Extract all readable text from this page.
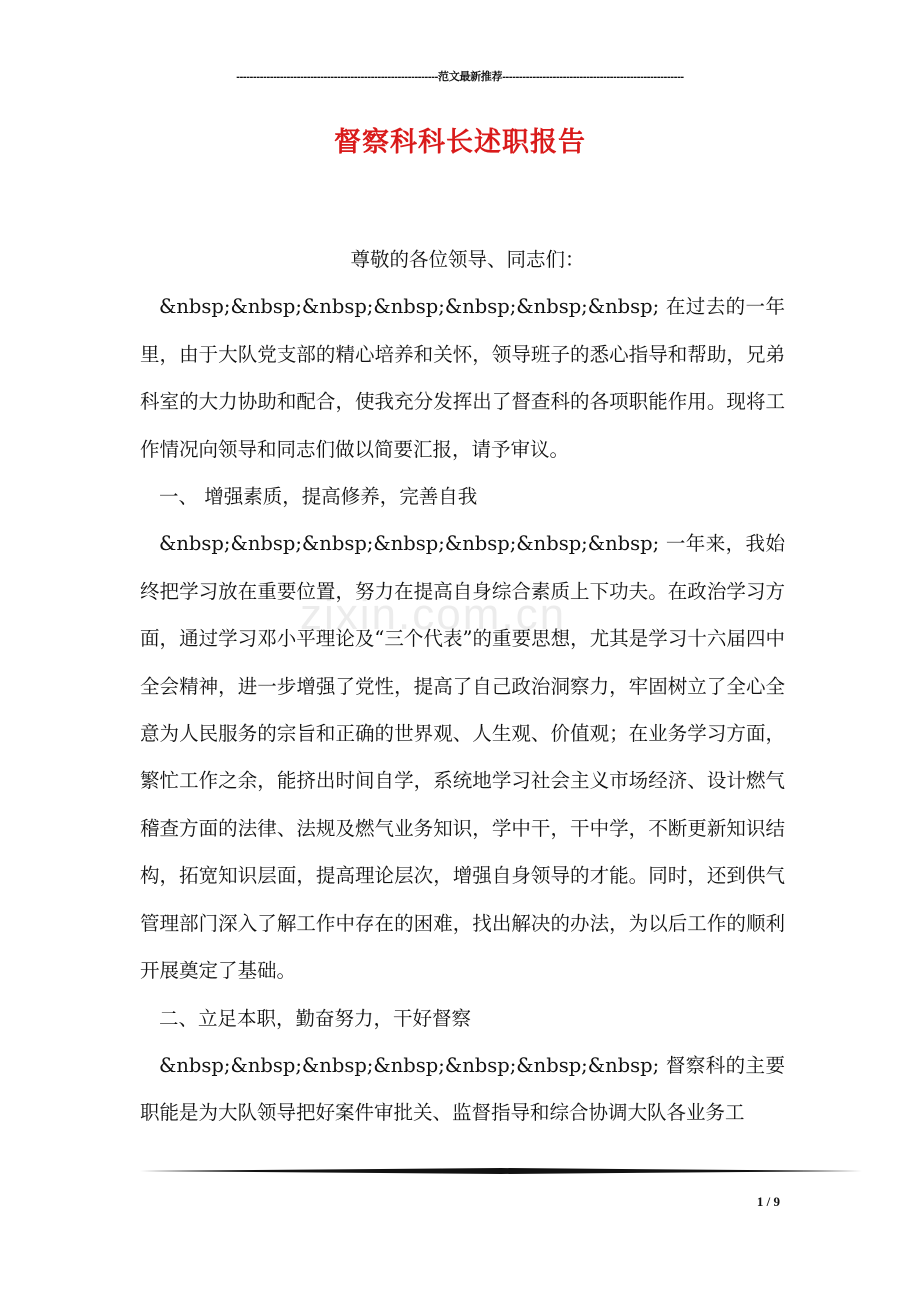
------------------------------------------------------------范文最新推荐------------------------------------------------------
督察科科长述职报告
zixin.com.cn

尊敬的各位领导、同志们：

&nbsp;&nbsp;&nbsp;&nbsp;&nbsp;&nbsp;&nbsp; 在过去的一年里，由于大队党支部的精心培养和关怀，领导班子的悉心指导和帮助，兄弟科室的大力协助和配合，使我充分发挥出了督查科的各项职能作用。现将工作情况向领导和同志们做以简要汇报，请予审议。

一、 增强素质，提高修养，完善自我

&nbsp;&nbsp;&nbsp;&nbsp;&nbsp;&nbsp;&nbsp; 一年来，我始终把学习放在重要位置，努力在提高自身综合素质上下功夫。在政治学习方面，通过学习邓小平理论及“三个代表”的重要思想，尤其是学习十六届四中全会精神，进一步增强了党性，提高了自己政治洞察力，牢固树立了全心全意为人民服务的宗旨和正确的世界观、人生观、价值观；在业务学习方面，繁忙工作之余，能挤出时间自学，系统地学习社会主义市场经济、设计燃气稽查方面的法律、法规及燃气业务知识，学中干，干中学，不断更新知识结构，拓宽知识层面，提高理论层次，增强自身领导的才能。同时，还到供气管理部门深入了解工作中存在的困难，找出解决的办法，为以后工作的顺利开展奠定了基础。

二、立足本职，勤奋努力，干好督察

&nbsp;&nbsp;&nbsp;&nbsp;&nbsp;&nbsp;&nbsp; 督察科的主要职能是为大队领导把好案件审批关、监督指导和综合协调大队各业务工

1 / 9
